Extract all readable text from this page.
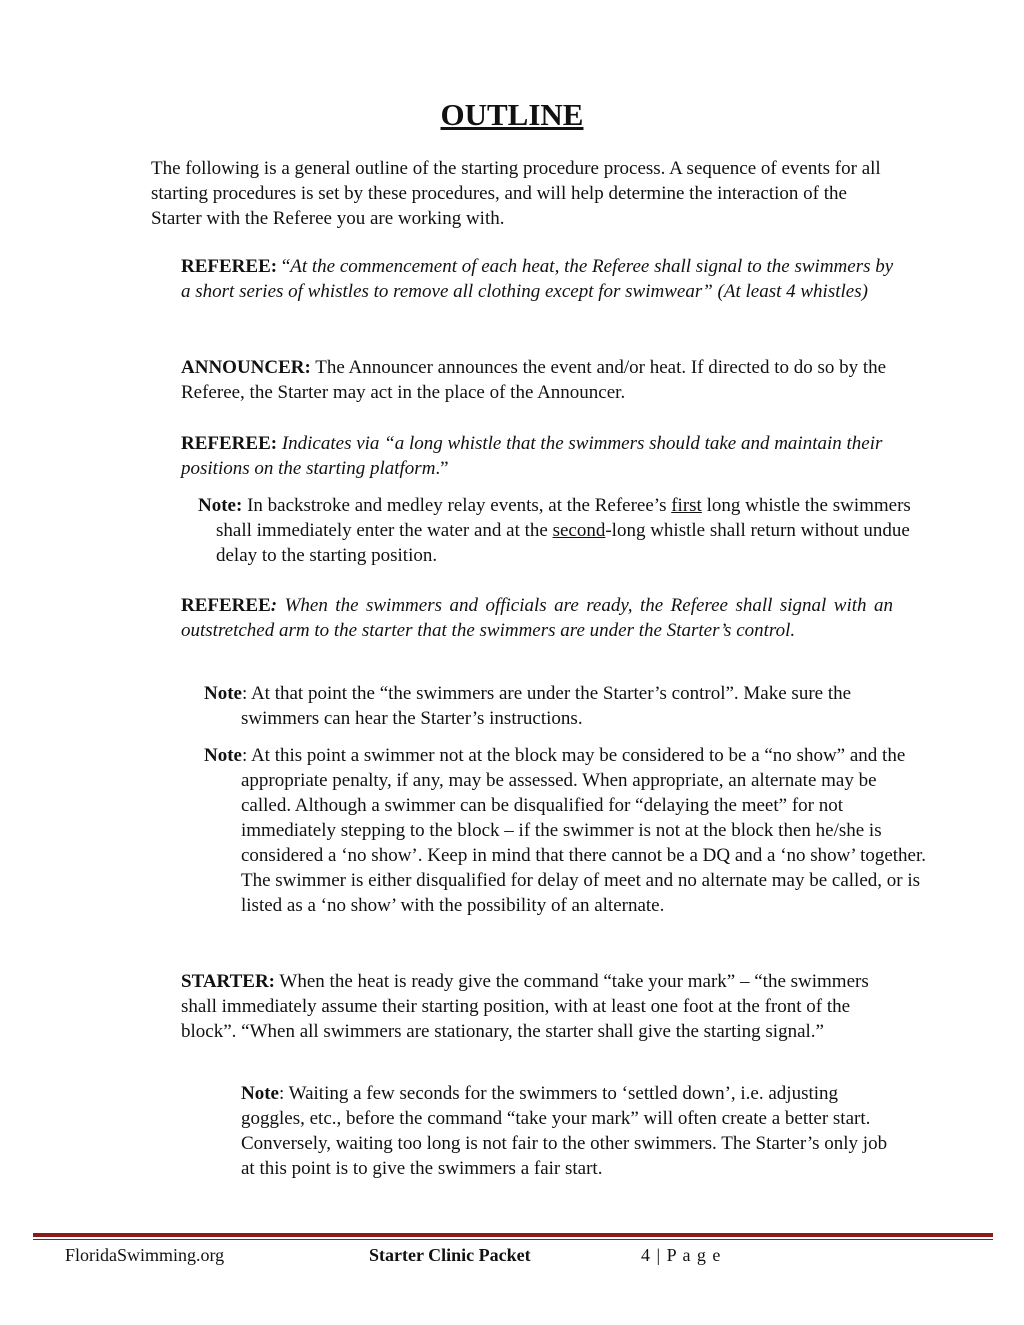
OUTLINE
The following is a general outline of the starting procedure process. A sequence of events for all starting procedures is set by these procedures, and will help determine the interaction of the Starter with the Referee you are working with.
REFEREE: “At the commencement of each heat, the Referee shall signal to the swimmers by a short series of whistles to remove all clothing except for swimwear” (At least 4 whistles)
ANNOUNCER: The Announcer announces the event and/or heat. If directed to do so by the Referee, the Starter may act in the place of the Announcer.
REFEREE: Indicates via “a long whistle that the swimmers should take and maintain their positions on the starting platform.”
Note: In backstroke and medley relay events, at the Referee’s first long whistle the swimmers shall immediately enter the water and at the second-long whistle shall return without undue delay to the starting position.
REFEREE: When the swimmers and officials are ready, the Referee shall signal with an outstretched arm to the starter that the swimmers are under the Starter’s control.
Note: At that point the “the swimmers are under the Starter’s control”. Make sure the swimmers can hear the Starter’s instructions.
Note: At this point a swimmer not at the block may be considered to be a “no show” and the appropriate penalty, if any, may be assessed. When appropriate, an alternate may be called. Although a swimmer can be disqualified for “delaying the meet” for not immediately stepping to the block – if the swimmer is not at the block then he/she is considered a ‘no show’. Keep in mind that there cannot be a DQ and a ‘no show’ together. The swimmer is either disqualified for delay of meet and no alternate may be called, or is listed as a ‘no show’ with the possibility of an alternate.
STARTER: When the heat is ready give the command “take your mark” – “the swimmers shall immediately assume their starting position, with at least one foot at the front of the block”. “When all swimmers are stationary, the starter shall give the starting signal.”
Note: Waiting a few seconds for the swimmers to ‘settled down’, i.e. adjusting goggles, etc., before the command “take your mark” will often create a better start. Conversely, waiting too long is not fair to the other swimmers. The Starter’s only job at this point is to give the swimmers a fair start.
FloridaSwimming.org	Starter Clinic Packet	4 | P a g e
